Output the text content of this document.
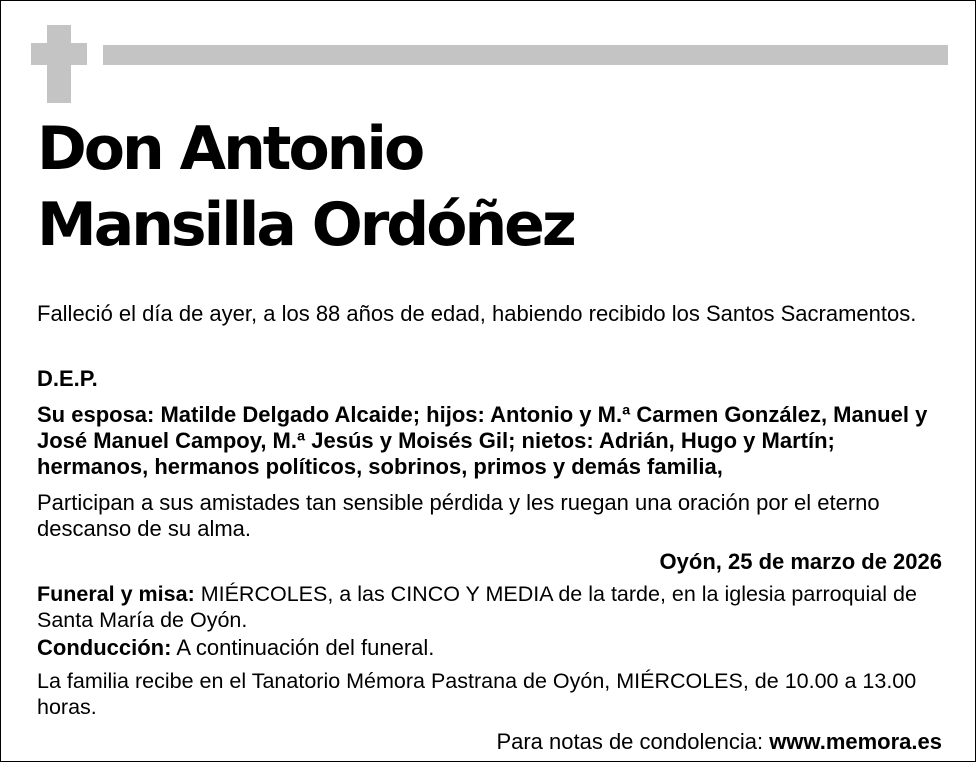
Don Antonio
Mansilla Ordóñez

Falleció el día de ayer, a los 88 años de edad, habiendo recibido los Santos Sacramentos.

D.E.P.

Su esposa: Matilde Delgado Alcaide; hijos: Antonio y M.ª Carmen González, Manuel y José Manuel Campoy, M.ª Jesús y Moisés Gil; nietos: Adrián, Hugo y Martín; hermanos, hermanos políticos, sobrinos, primos y demás familia,

Participan a sus amistades tan sensible pérdida y les ruegan una oración por el eterno descanso de su alma.

Oyón, 25 de marzo de 2026

Funeral y misa: MIÉRCOLES, a las CINCO Y MEDIA de la tarde, en la iglesia parroquial de Santa María de Oyón.

Conducción: A continuación del funeral.

La familia recibe en el Tanatorio Mémora Pastrana de Oyón, MIÉRCOLES, de 10.00 a 13.00 horas.

Para notas de condolencia: www.memora.es
